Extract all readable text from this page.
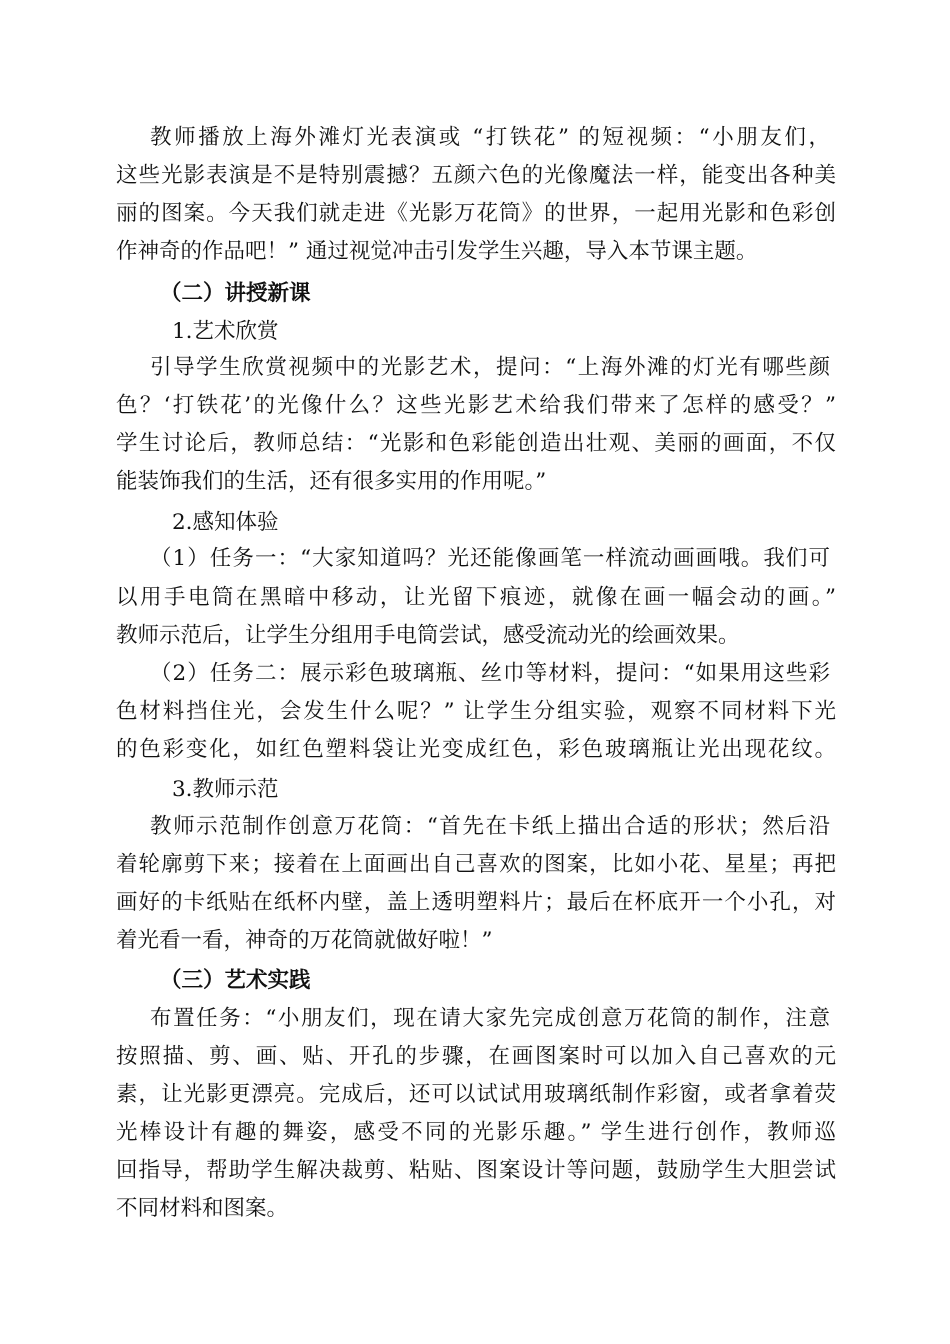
教师播放上海外滩灯光表演或 “打铁花” 的短视频：“小朋友们，
这些光影表演是不是特别震撼？五颜六色的光像魔法一样，能变出各种美
丽的图案。今天我们就走进《光影万花筒》的世界，一起用光影和色彩创
作神奇的作品吧！” 通过视觉冲击引发学生兴趣，导入本节课主题。
（二）讲授新课
1.艺术欣赏
引导学生欣赏视频中的光影艺术，提问：“上海外滩的灯光有哪些颜
色？‘打铁花’的光像什么？这些光影艺术给我们带来了怎样的感受？”
学生讨论后，教师总结：“光影和色彩能创造出壮观、美丽的画面，不仅
能装饰我们的生活，还有很多实用的作用呢。”
2.感知体验
（1）任务一：“大家知道吗？光还能像画笔一样流动画画哦。我们可
以用手电筒在黑暗中移动，让光留下痕迹，就像在画一幅会动的画。”
教师示范后，让学生分组用手电筒尝试，感受流动光的绘画效果。
（2）任务二：展示彩色玻璃瓶、丝巾等材料，提问：“如果用这些彩
色材料挡住光，会发生什么呢？” 让学生分组实验，观察不同材料下光
的色彩变化，如红色塑料袋让光变成红色，彩色玻璃瓶让光出现花纹。
3.教师示范
教师示范制作创意万花筒：“首先在卡纸上描出合适的形状；然后沿
着轮廓剪下来；接着在上面画出自己喜欢的图案，比如小花、星星；再把
画好的卡纸贴在纸杯内壁，盖上透明塑料片；最后在杯底开一个小孔，对
着光看一看，神奇的万花筒就做好啦！”
（三）艺术实践
布置任务：“小朋友们，现在请大家先完成创意万花筒的制作，注意
按照描、剪、画、贴、开孔的步骤，在画图案时可以加入自己喜欢的元
素，让光影更漂亮。完成后，还可以试试用玻璃纸制作彩窗，或者拿着荧
光棒设计有趣的舞姿，感受不同的光影乐趣。” 学生进行创作，教师巡
回指导，帮助学生解决裁剪、粘贴、图案设计等问题，鼓励学生大胆尝试
不同材料和图案。
